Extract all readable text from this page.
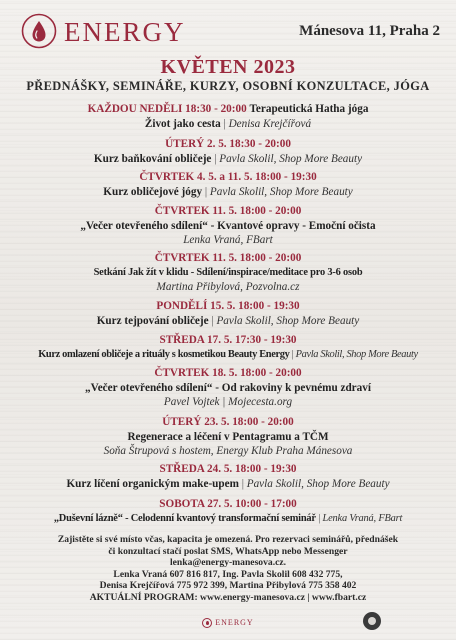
ENERGY	Mánesova 11, Praha 2
KVĚTEN 2023
PŘEDNÁŠKY, SEMINÁŘE, KURZY, OSOBNÍ KONZULTACE, JÓGA
KAŽDOU NEDĚLI 18:30 - 20:00 Terapeutická Hatha jóga
Život jako cesta | Denisa Krejčířová
ÚTERÝ 2. 5. 18:30 - 20:00
Kurz baňkování obličeje | Pavla Skolil, Shop More Beauty
ČTVRTEK 4. 5. a 11. 5. 18:00 - 19:30
Kurz obličejové jógy | Pavla Skolil, Shop More Beauty
ČTVRTEK 11. 5. 18:00 - 20:00
„Večer otevřeného sdílení“ - Kvantové opravy - Emoční očista
Lenka Vraná, FBart
ČTVRTEK 11. 5. 18:00 - 20:00
Setkání Jak žít v klidu - Sdílení/inspirace/meditace pro 3-6 osob
Martina Přibylová, Pozvolna.cz
PONDĚLÍ 15. 5. 18:00 - 19:30
Kurz tejpování obličeje | Pavla Skolil, Shop More Beauty
STŘEDA 17. 5. 17:30 - 19:30
Kurz omlazení obličeje a rituály s kosmetikou Beauty Energy | Pavla Skolil, Shop More Beauty
ČTVRTEK 18. 5. 18:00 - 20:00
„Večer otevřeného sdílení“ - Od rakoviny k pevnému zdraví
Pavel Vojtek | Mojecesta.org
ÚTERÝ 23. 5. 18:00 - 20:00
Regenerace a léčení v Pentagramu a TČM
Soňa Štrupová s hostem, Energy Klub Praha Mánesova
STŘEDA 24. 5. 18:00 - 19:30
Kurz líčení organickým make-upem | Pavla Skolil, Shop More Beauty
SOBOTA 27. 5. 10:00 - 17:00
„Duševní lázně“ - Celodenní kvantový transformační seminář | Lenka Vraná, FBart
Zajistěte si své místo včas, kapacita je omezená. Pro rezervaci seminářů, přednášek
či konzultací stačí poslat SMS, WhatsApp nebo Messenger
lenka@energy-manesova.cz.
Lenka Vraná 607 816 817, Ing. Pavla Skolil 608 432 775,
Denisa Krejčířová 775 972 399, Martina Přibylová 775 358 402
AKTUÁLNÍ PROGRAM: www.energy-manesova.cz | www.fbart.cz
ENERGY
